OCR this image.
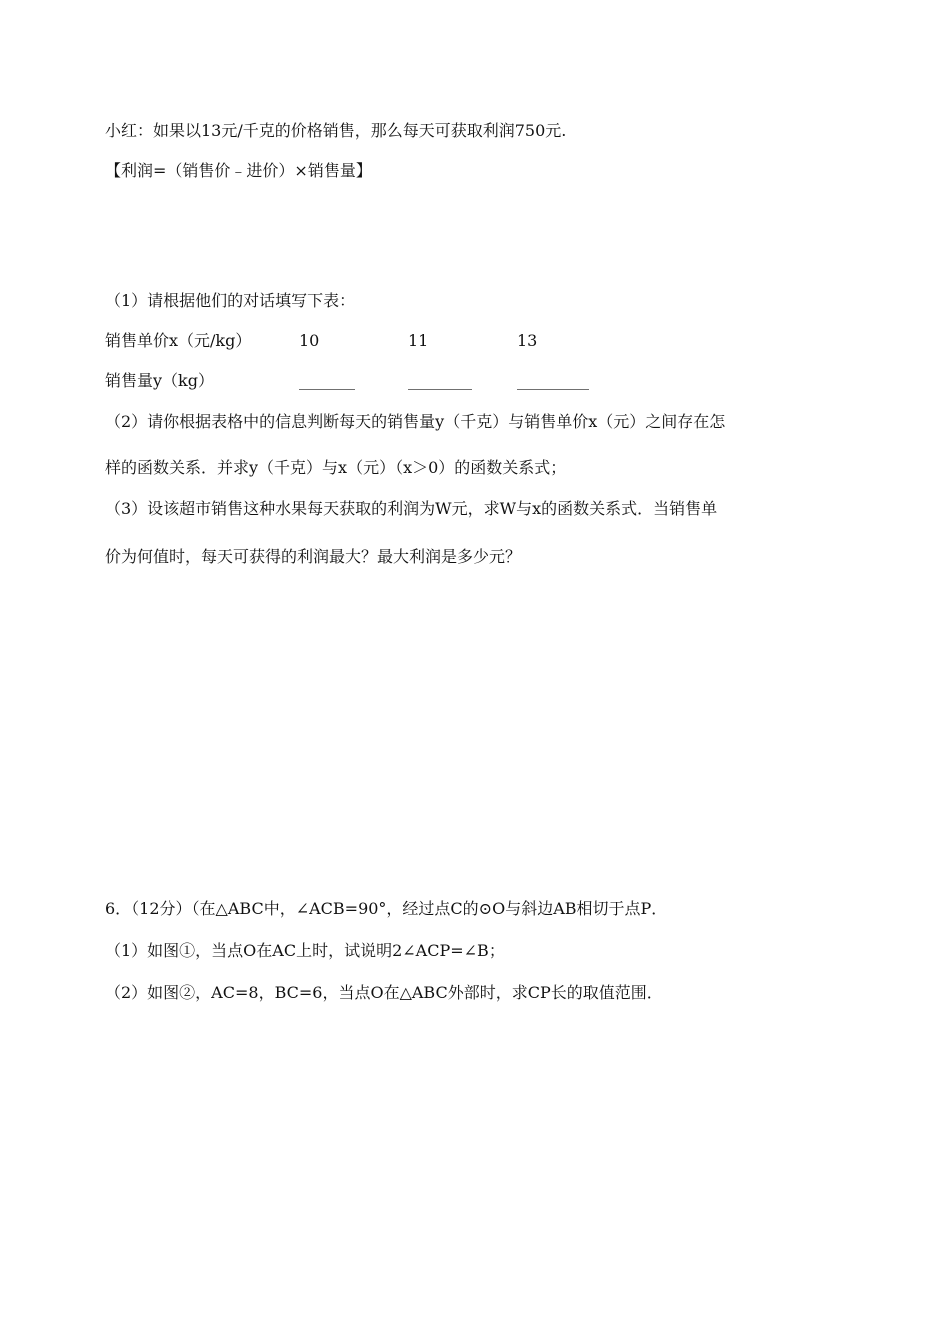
小红：如果以13元/千克的价格销售，那么每天可获取利润750元.
【利润=（销售价﹣进价）×销售量】
（1）请根据他们的对话填写下表：
销售单价x（元/kg）	10	11	13
销售量y（kg）	_______	________	_________
（2）请你根据表格中的信息判断每天的销售量y（千克）与销售单价x（元）之间存在怎
样的函数关系．并求y（千克）与x（元）（x＞0）的函数关系式；
（3）设该超市销售这种水果每天获取的利润为W元，求W与x的函数关系式．当销售单
价为何值时，每天可获得的利润最大？最大利润是多少元？
6．（12分）（在△ABC中，∠ACB=90°，经过点C的⊙O与斜边AB相切于点P．
（1）如图①，当点O在AC上时，试说明2∠ACP=∠B；
（2）如图②，AC=8，BC=6，当点O在△ABC外部时，求CP长的取值范围．
